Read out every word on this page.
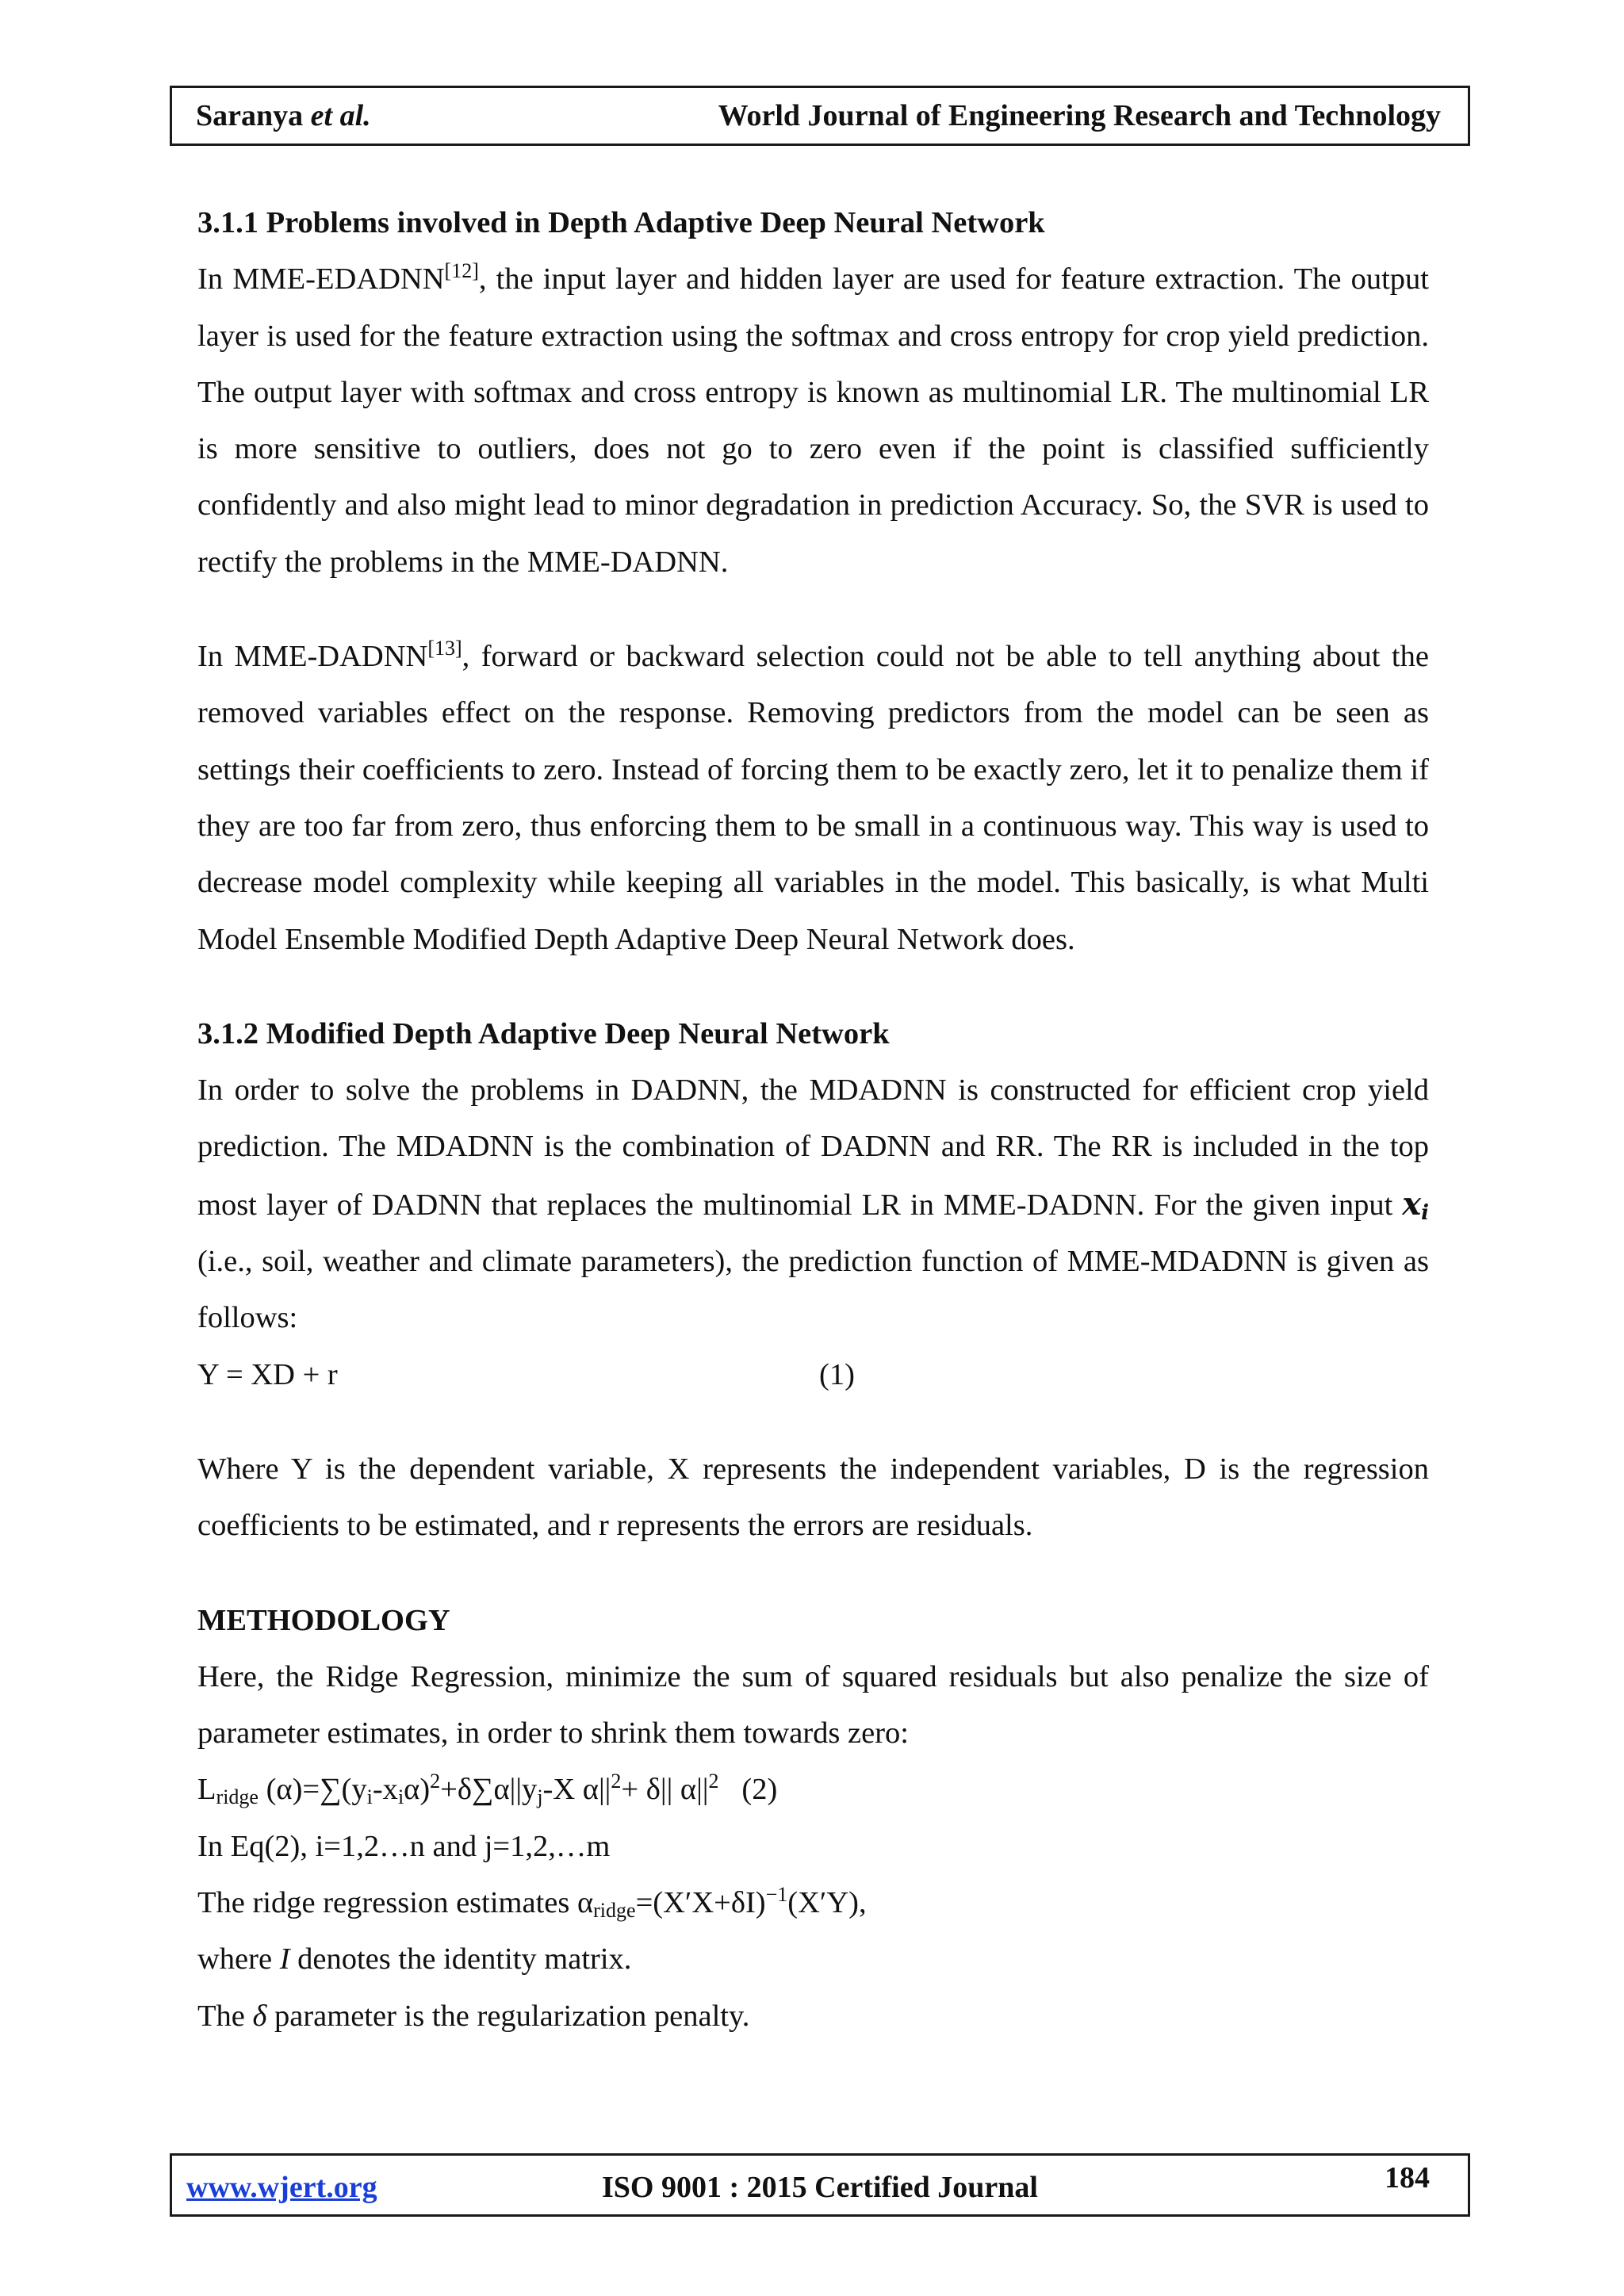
Saranya et al.	World Journal of Engineering Research and Technology
3.1.1 Problems involved in Depth Adaptive Deep Neural Network

In MME-EDADNN[12], the input layer and hidden layer are used for feature extraction. The output layer is used for the feature extraction using the softmax and cross entropy for crop yield prediction. The output layer with softmax and cross entropy is known as multinomial LR. The multinomial LR is more sensitive to outliers, does not go to zero even if the point is classified sufficiently confidently and also might lead to minor degradation in prediction Accuracy. So, the SVR is used to rectify the problems in the MME-DADNN.

In MME-DADNN[13], forward or backward selection could not be able to tell anything about the removed variables effect on the response. Removing predictors from the model can be seen as settings their coefficients to zero. Instead of forcing them to be exactly zero, let it to penalize them if they are too far from zero, thus enforcing them to be small in a continuous way. This way is used to decrease model complexity while keeping all variables in the model. This basically, is what Multi Model Ensemble Modified Depth Adaptive Deep Neural Network does.

3.1.2 Modified Depth Adaptive Deep Neural Network

In order to solve the problems in DADNN, the MDADNN is constructed for efficient crop yield prediction. The MDADNN is the combination of DADNN and RR. The RR is included in the top most layer of DADNN that replaces the multinomial LR in MME-DADNN. For the given input $x_i$ (i.e., soil, weather and climate parameters), the prediction function of MME-MDADNN is given as follows:

Y = XD + r	(1)

Where Y is the dependent variable, X represents the independent variables, D is the regression coefficients to be estimated, and r represents the errors are residuals.

METHODOLOGY

Here, the Ridge Regression, minimize the sum of squared residuals but also penalize the size of parameter estimates, in order to shrink them towards zero:

$L_{ridge}$ $(\alpha)=\sum(y_i-x_i\alpha)^2+\delta\sum\alpha||y_j-X$ $\alpha||^2+ \delta||$ $\alpha||^2$ (2)

In Eq(2), i=1,2…n and j=1,2,…m

The ridge regression estimates $\alpha_{ridge}=(X'X+\delta I)^{-1}(X'Y)$,

where I denotes the identity matrix.

The δ parameter is the regularization penalty.

www.wjert.org	ISO 9001 : 2015 Certified Journal	184
